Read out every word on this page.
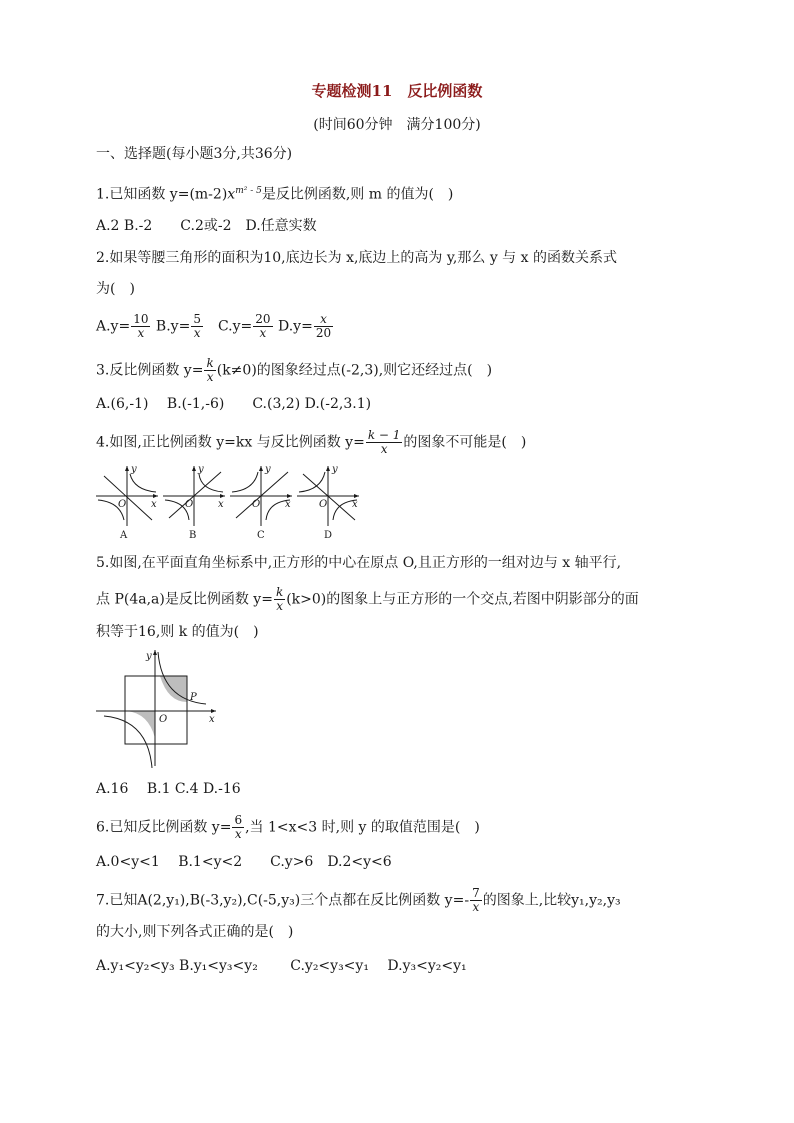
专题检测11　反比例函数
(时间60分钟　满分100分)
一、选择题(每小题3分,共36分)
1.已知函数 $y=(m-2)x^{m^2 - 5}$是反比例函数,则 m 的值为(　)
A.2 B.-2　　C.2或-2　D.任意实数
2.如果等腰三角形的面积为10,底边长为 x,底边上的高为 y,那么 y 与 x 的函数关系式
为(　)
$A.y= \frac{10}{x} B.y= \frac{5}{x}$ 　$C.y= \frac{20}{x} D.y= \frac{x}{20}$
3.反比例函数 $y= \frac{k}{x} (k\ne 0)$的图象经过点(-2,3),则它还经过点(　)
A.(6,-1)　 B.(-1,-6)　　C.(3,2) D.(-2,3.1)
4.如图,正比例函数 y=kx 与反比例函数 $y= \frac{k - 1}{x}$ 的图象不可能是(　)
y
x
O
y
x
O
y
x
O
y
x
O
A	B	C	D
5.如图,在平面直角坐标系中,正方形的中心在原点 O,且正方形的一组对边与 x 轴平行,
点 P(4a,a)是反比例函数 $y= \frac{k}{x} (k>0)$的图象上与正方形的一个交点,若图中阴影部分的面
积等于16,则 k 的值为(　)
y
x
O
P
A.16　 B.1 C.4 D.-16
6.已知反比例函数 $y= \frac{6}{x}$ ,当 1<x<3 时,则 y 的取值范围是(　)
A.0<y<1　 B.1<y<2　　C.y>6　D.2<y<6
7.已知A(2,y₁),B(-3,y₂),C(-5,y₃)三个点都在反比例函数 $y=- \frac{7}{x}$ 的图象上,比较y₁,y₂,y₃
的大小,则下列各式正确的是(　)
A.y₁<y₂<y₃ B.y₁<y₃<y₂　　 C.y₂<y₃<y₁　 D.y₃<y₂<y₁
